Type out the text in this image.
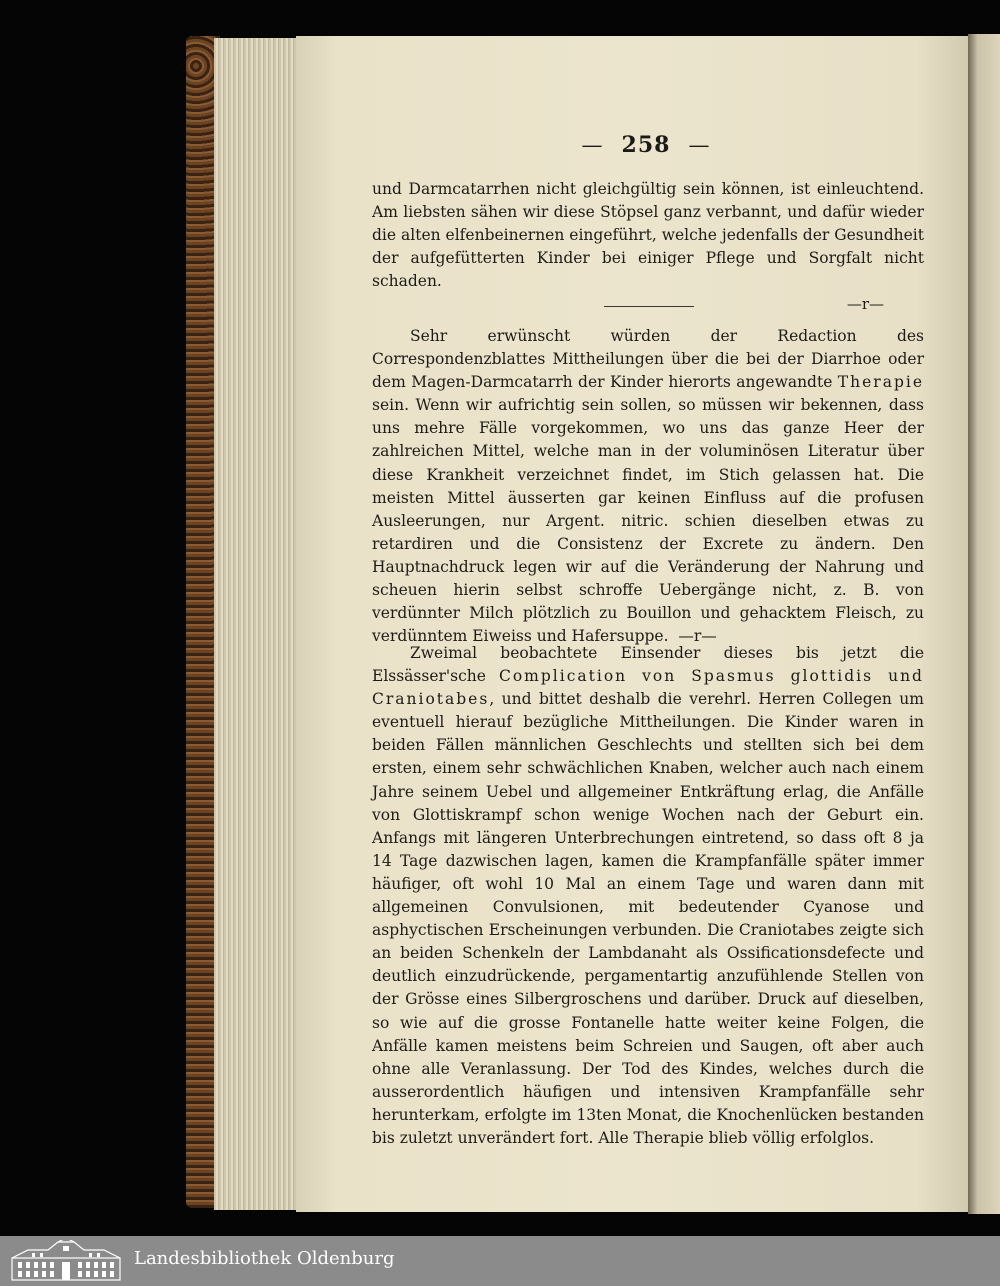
— 258 —

und Darmcatarrhen nicht gleichgültig sein können, ist einleuchtend. Am liebsten sähen wir diese Stöpsel ganz verbannt, und dafür wieder die alten elfenbeinernen eingeführt, welche jedenfalls der Gesundheit der aufgefütterten Kinder bei einiger Pflege und Sorgfalt nicht schaden.

—r—

Sehr erwünscht würden der Redaction des Correspondenzblattes Mittheilungen über die bei der Diarrhoe oder dem Magen-Darmcatarrh der Kinder hierorts angewandte Therapie sein. Wenn wir aufrichtig sein sollen, so müssen wir bekennen, dass uns mehre Fälle vorgekommen, wo uns das ganze Heer der zahlreichen Mittel, welche man in der voluminösen Literatur über diese Krankheit verzeichnet findet, im Stich gelassen hat. Die meisten Mittel äusserten gar keinen Einfluss auf die profusen Ausleerungen, nur Argent. nitric. schien dieselben etwas zu retardiren und die Consistenz der Excrete zu ändern. Den Hauptnachdruck legen wir auf die Veränderung der Nahrung und scheuen hierin selbst schroffe Uebergänge nicht, z. B. von verdünnter Milch plötzlich zu Bouillon und gehacktem Fleisch, zu verdünntem Eiweiss und Hafersuppe. —r—

Zweimal beobachtete Einsender dieses bis jetzt die Elssässer'sche Complication von Spasmus glottidis und Craniotabes, und bittet deshalb die verehrl. Herren Collegen um eventuell hierauf bezügliche Mittheilungen. Die Kinder waren in beiden Fällen männlichen Geschlechts und stellten sich bei dem ersten, einem sehr schwächlichen Knaben, welcher auch nach einem Jahre seinem Uebel und allgemeiner Entkräftung erlag, die Anfälle von Glottiskrampf schon wenige Wochen nach der Geburt ein. Anfangs mit längeren Unterbrechungen eintretend, so dass oft 8 ja 14 Tage dazwischen lagen, kamen die Krampfanfälle später immer häufiger, oft wohl 10 Mal an einem Tage und waren dann mit allgemeinen Convulsionen, mit bedeutender Cyanose und asphyctischen Erscheinungen verbunden. Die Craniotabes zeigte sich an beiden Schenkeln der Lambdanaht als Ossificationsdefecte und deutlich einzudrückende, pergamentartig anzufühlende Stellen von der Grösse eines Silbergroschens und darüber. Druck auf dieselben, so wie auf die grosse Fontanelle hatte weiter keine Folgen, die Anfälle kamen meistens beim Schreien und Saugen, oft aber auch ohne alle Veranlassung. Der Tod des Kindes, welches durch die ausserordentlich häufigen und intensiven Krampfanfälle sehr herunterkam, erfolgte im 13ten Monat, die Knochenlücken bestanden bis zuletzt unverändert fort. Alle Therapie blieb völlig erfolglos.

Landesbibliothek Oldenburg
